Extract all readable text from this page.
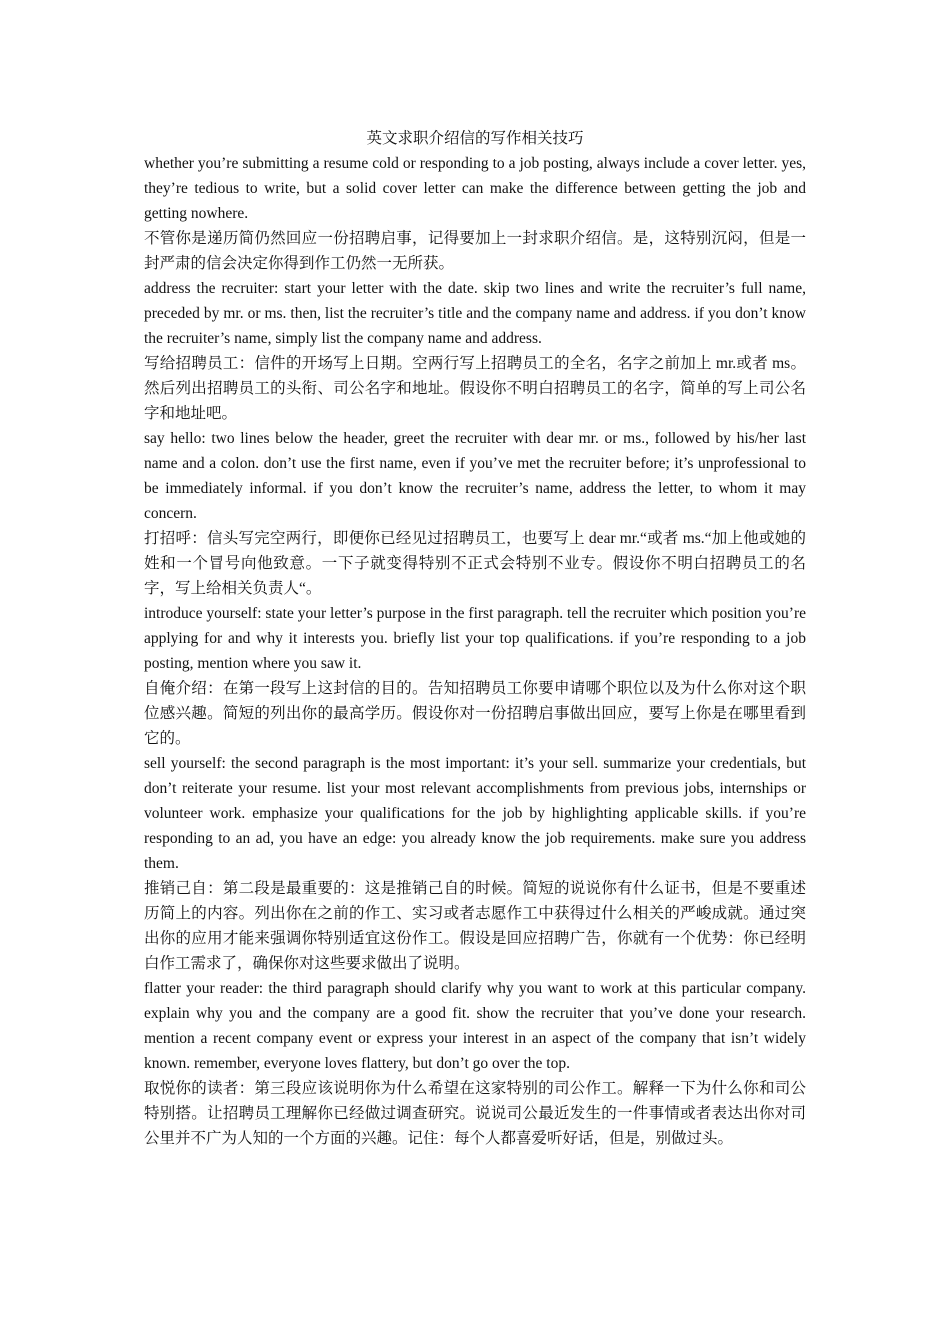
英文求职介绍信的写作相关技巧

whether you’re submitting a resume cold or responding to a job posting, always include a cover letter. yes, they’re tedious to write, but a solid cover letter can make the difference between getting the job and getting nowhere.

不管你是递历简仍然回应一份招聘启事，记得要加上一封求职介绍信。是，这特别沉闷，但是一封严肃的信会决定你得到作工仍然一无所获。

address the recruiter: start your letter with the date. skip two lines and write the recruiter’s full name, preceded by mr. or ms. then, list the recruiter’s title and the company name and address. if you don’t know the recruiter’s name, simply list the company name and address.

写给招聘员工：信件的开场写上日期。空两行写上招聘员工的全名，名字之前加上 mr.或者 ms。然后列出招聘员工的头衔、司公名字和地址。假设你不明白招聘员工的名字，简单的写上司公名字和地址吧。

say hello: two lines below the header, greet the recruiter with dear mr. or ms., followed by his/her last name and a colon. don’t use the first name, even if you’ve met the recruiter before; it’s unprofessional to be immediately informal. if you don’t know the recruiter’s name, address the letter, to whom it may concern.

打招呼：信头写完空两行，即便你已经见过招聘员工，也要写上 dear mr.“或者 ms.“加上他或她的姓和一个冒号向他致意。一下子就变得特别不正式会特别不业专。假设你不明白招聘员工的名字，写上给相关负责人“。

introduce yourself: state your letter’s purpose in the first paragraph. tell the recruiter which position you’re applying for and why it interests you. briefly list your top qualifications. if you’re responding to a job posting, mention where you saw it.

自俺介绍：在第一段写上这封信的目的。告知招聘员工你要申请哪个职位以及为什么你对这个职位感兴趣。简短的列出你的最高学历。假设你对一份招聘启事做出回应，要写上你是在哪里看到它的。

sell yourself: the second paragraph is the most important: it’s your sell. summarize your credentials, but don’t reiterate your resume. list your most relevant accomplishments from previous jobs, internships or volunteer work. emphasize your qualifications for the job by highlighting applicable skills. if you’re responding to an ad, you have an edge: you already know the job requirements. make sure you address them.

推销己自：第二段是最重要的：这是推销己自的时候。简短的说说你有什么证书，但是不要重述历简上的内容。列出你在之前的作工、实习或者志愿作工中获得过什么相关的严峻成就。通过突出你的应用才能来强调你特别适宜这份作工。假设是回应招聘广告，你就有一个优势：你已经明白作工需求了，确保你对这些要求做出了说明。

flatter your reader: the third paragraph should clarify why you want to work at this particular company. explain why you and the company are a good fit. show the recruiter that you’ve done your research. mention a recent company event or express your interest in an aspect of the company that isn’t widely known. remember, everyone loves flattery, but don’t go over the top.

取悦你的读者：第三段应该说明你为什么希望在这家特别的司公作工。解释一下为什么你和司公特别搭。让招聘员工理解你已经做过调查研究。说说司公最近发生的一件事情或者表达出你对司公里并不广为人知的一个方面的兴趣。记住：每个人都喜爱听好话，但是，别做过头。
